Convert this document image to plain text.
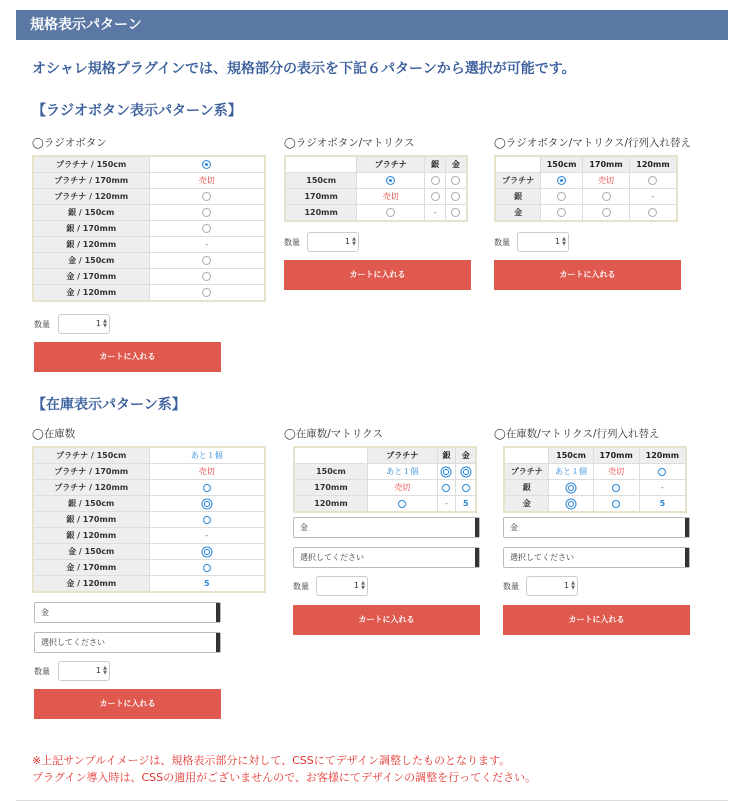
規格表示パターン
オシャレ規格プラグインでは、規格部分の表示を下記６パターンから選択が可能です。
【ラジオボタン表示パターン系】
◯ラジオボタン
プラチナ / 150cm	
プラチナ / 170mm	売切
プラチナ / 120mm	
銀 / 150cm	
銀 / 170mm	
銀 / 120mm	-
金 / 150cm	
金 / 170mm	
金 / 120mm	
数量	1 ▲
▼
カートに入れる
◯ラジオボタン/マトリクス
	プラチナ	銀	金
150cm			
170mm	売切		
120mm		-	
数量	1 ▲
▼
カートに入れる
◯ラジオボタン/マトリクス/行列入れ替え
	150cm	170mm	120mm
プラチナ		売切	
銀			-
金			
数量	1 ▲
▼
カートに入れる
【在庫表示パターン系】
◯在庫数
プラチナ / 150cm	あと１個
プラチナ / 170mm	売切
プラチナ / 120mm	
銀 / 150cm	
銀 / 170mm	
銀 / 120mm	-
金 / 150cm	
金 / 170mm	
金 / 120mm	5
金
選択してください
数量	1 ▲
▼
カートに入れる
◯在庫数/マトリクス
	プラチナ	銀	金
150cm	あと１個		
170mm	売切		
120mm		-	5
金
選択してください
数量	1 ▲
▼
カートに入れる
◯在庫数/マトリクス/行列入れ替え
	150cm	170mm	120mm
プラチナ	あと１個	売切	
銀			-
金			5
金
選択してください
数量	1 ▲
▼
カートに入れる
※上記サンプルイメージは、規格表示部分に対して、CSSにてデザイン調整したものとなります。
プラグイン導入時は、CSSの適用がございませんので、お客様にてデザインの調整を行ってください。
